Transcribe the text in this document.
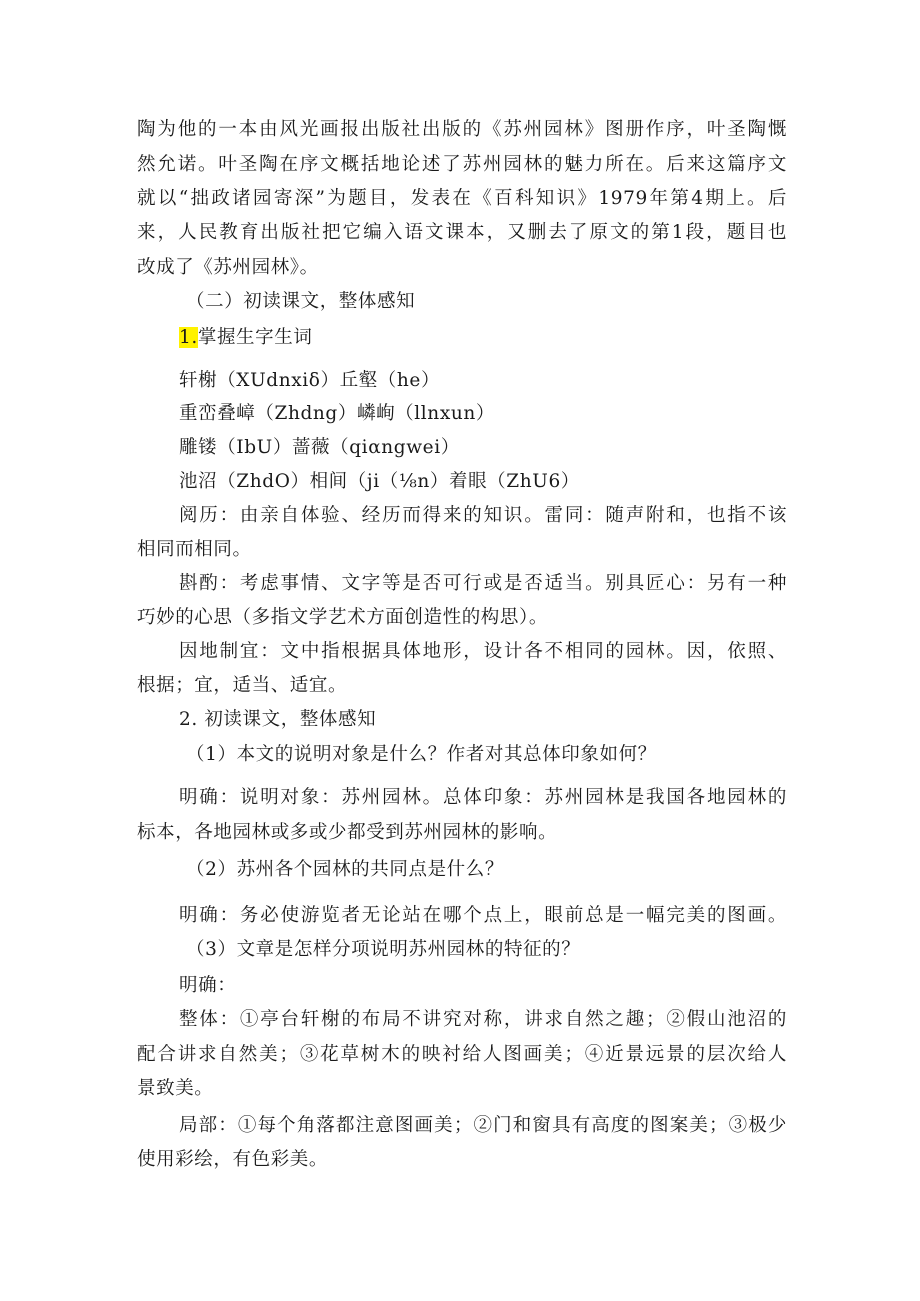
陶为他的一本由风光画报出版社出版的《苏州园林》图册作序，叶圣陶慨
然允诺。叶圣陶在序文概括地论述了苏州园林的魅力所在。后来这篇序文
就以“拙政诸园寄深”为题目，发表在《百科知识》1979年第4期上。后
来，人民教育出版社把它编入语文课本，又删去了原文的第1段，题目也
改成了《苏州园林》。
（二）初读课文，整体感知
1.掌握生字生词
轩榭（XUdnxiδ）丘壑（he）
重峦叠嶂（Zhdng）嶙峋（llnxun）
雕镂（IbU）蔷薇（qiαngwei）
池沼（ZhdO）相间（ji（⅛n）着眼（ZhU6）
阅历：由亲自体验、经历而得来的知识。雷同：随声附和，也指不该
相同而相同。
斟酌：考虑事情、文字等是否可行或是否适当。别具匠心：另有一种
巧妙的心思（多指文学艺术方面创造性的构思）。
因地制宜：文中指根据具体地形，设计各不相同的园林。因，依照、
根据；宜，适当、适宜。
2. 初读课文，整体感知
（1）本文的说明对象是什么？作者对其总体印象如何？
明确：说明对象：苏州园林。总体印象：苏州园林是我国各地园林的
标本，各地园林或多或少都受到苏州园林的影响。
（2）苏州各个园林的共同点是什么？
明确：务必使游览者无论站在哪个点上，眼前总是一幅完美的图画。
（3）文章是怎样分项说明苏州园林的特征的？
明确：
整体：①亭台轩榭的布局不讲究对称，讲求自然之趣；②假山池沼的
配合讲求自然美；③花草树木的映衬给人图画美；④近景远景的层次给人
景致美。
局部：①每个角落都注意图画美；②门和窗具有高度的图案美；③极少
使用彩绘，有色彩美。
